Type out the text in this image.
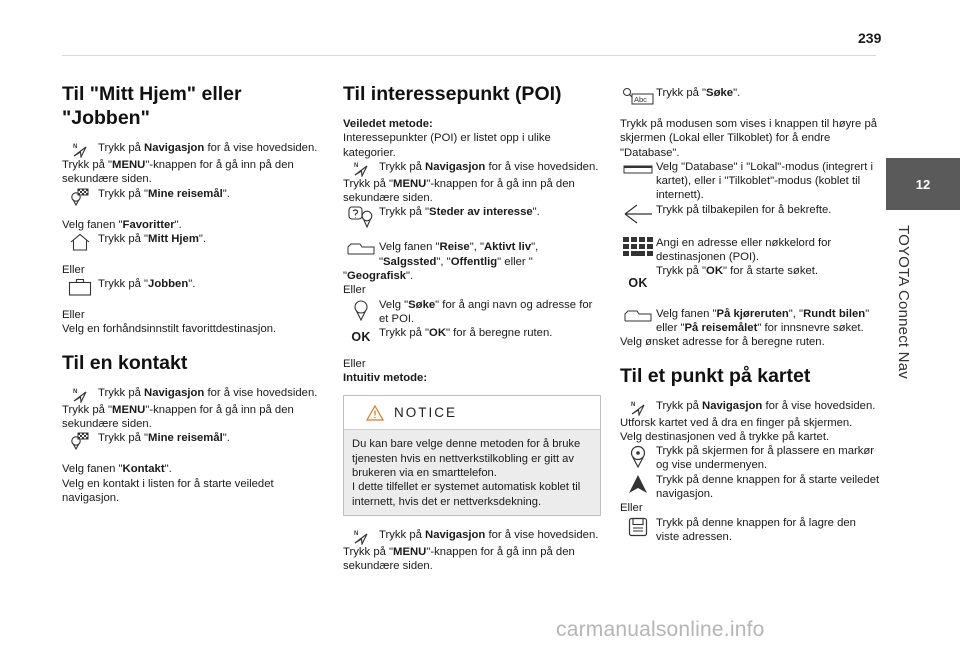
239
12
TOYOTA Connect Nav
Til "Mitt Hjem" eller "Jobben"
N Trykk på Navigasjon for å vise hovedsiden.

Trykk på "MENU"-knappen for å gå inn på den sekundære siden.

Trykk på "Mine reisemål".

Velg fanen "Favoritter".

Trykk på "Mitt Hjem".

Eller

Trykk på "Jobben".

Eller

Velg en forhåndsinnstilt favorittdestinasjon.

Til en kontakt
N Trykk på Navigasjon for å vise hovedsiden.

Trykk på "MENU"-knappen for å gå inn på den sekundære siden.

Trykk på "Mine reisemål".

Velg fanen "Kontakt".

Velg en kontakt i listen for å starte veiledet navigasjon.

Til interessepunkt (POI)

Veiledet metode:

Interessepunkter (POI) er listet opp i ulike kategorier.

N Trykk på Navigasjon for å vise hovedsiden.

Trykk på "MENU"-knappen for å gå inn på den sekundære siden.

Trykk på "Steder av interesse".

Velg fanen "Reise", "Aktivt liv", "Salgssted", "Offentlig" eller "

"Geografisk".

Eller

Velg "Søke" for å angi navn og adresse for et POI.

OK Trykk på "OK" for å beregne ruten.

Eller

Intuitiv metode:

NOTICE

Du kan bare velge denne metoden for å bruke tjenesten hvis en nettverkstilkobling er gitt av brukeren via en smarttelefon.

I dette tilfellet er systemet automatisk koblet til internett, hvis det er nettverksdekning.

N Trykk på Navigasjon for å vise hovedsiden.

Trykk på "MENU"-knappen for å gå inn på den sekundære siden.

Abc

Trykk på "Søke".

Trykk på modusen som vises i knappen til høyre på skjermen (Lokal eller Tilkoblet) for å endre "Database".

Velg "Database" i "Lokal"-modus (integrert i kartet), eller i "Tilkoblet"-modus (koblet til internett).

Trykk på tilbakepilen for å bekrefte.

Angi en adresse eller nøkkelord for destinasjonen (POI).

OK

Trykk på "OK" for å starte søket.

Velg fanen "På kjøreruten", "Rundt bilen" eller "På reisemålet" for innsnevre søket.

Velg ønsket adresse for å beregne ruten.

Til et punkt på kartet
N Trykk på Navigasjon for å vise hovedsiden.

Utforsk kartet ved å dra en finger på skjermen.

Velg destinasjonen ved å trykke på kartet.

Trykk på skjermen for å plassere en markør og vise undermenyen.

Trykk på denne knappen for å starte veiledet navigasjon.

Eller

Trykk på denne knappen for å lagre den viste adressen.

carmanualsonline.info
